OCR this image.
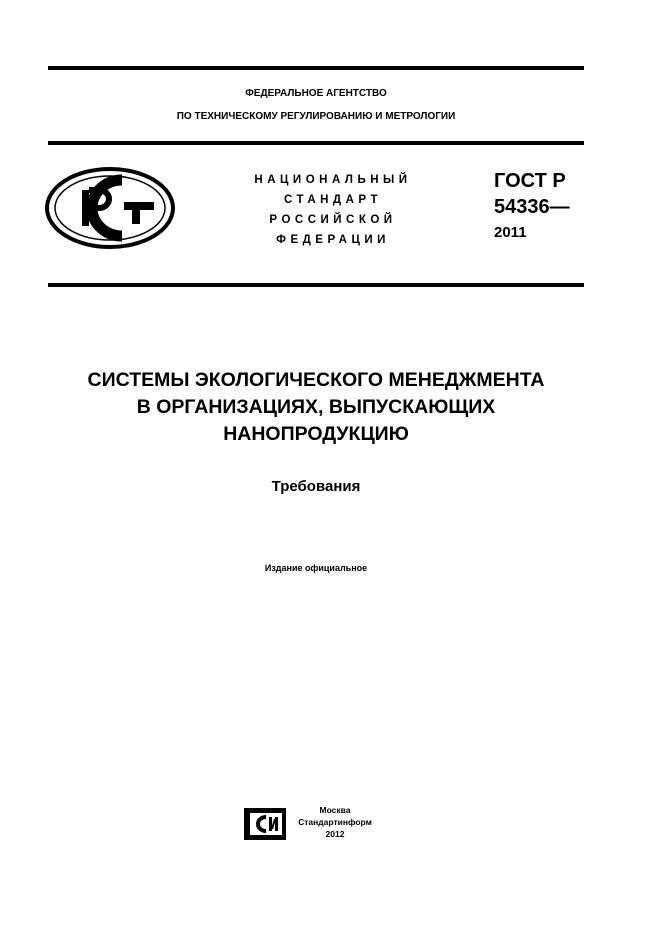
ФЕДЕРАЛЬНОЕ АГЕНТСТВО
ПО ТЕХНИЧЕСКОМУ РЕГУЛИРОВАНИЮ И МЕТРОЛОГИИ
НАЦИОНАЛЬНЫЙ
СТАНДАРТ
РОССИЙСКОЙ
ФЕДЕРАЦИИ
ГОСТ Р
54336—
2011
СИСТЕМЫ ЭКОЛОГИЧЕСКОГО МЕНЕДЖМЕНТА
В ОРГАНИЗАЦИЯХ, ВЫПУСКАЮЩИХ
НАНОПРОДУКЦИЮ
Требования
Издание официальное
Москва
Стандартинформ
2012
